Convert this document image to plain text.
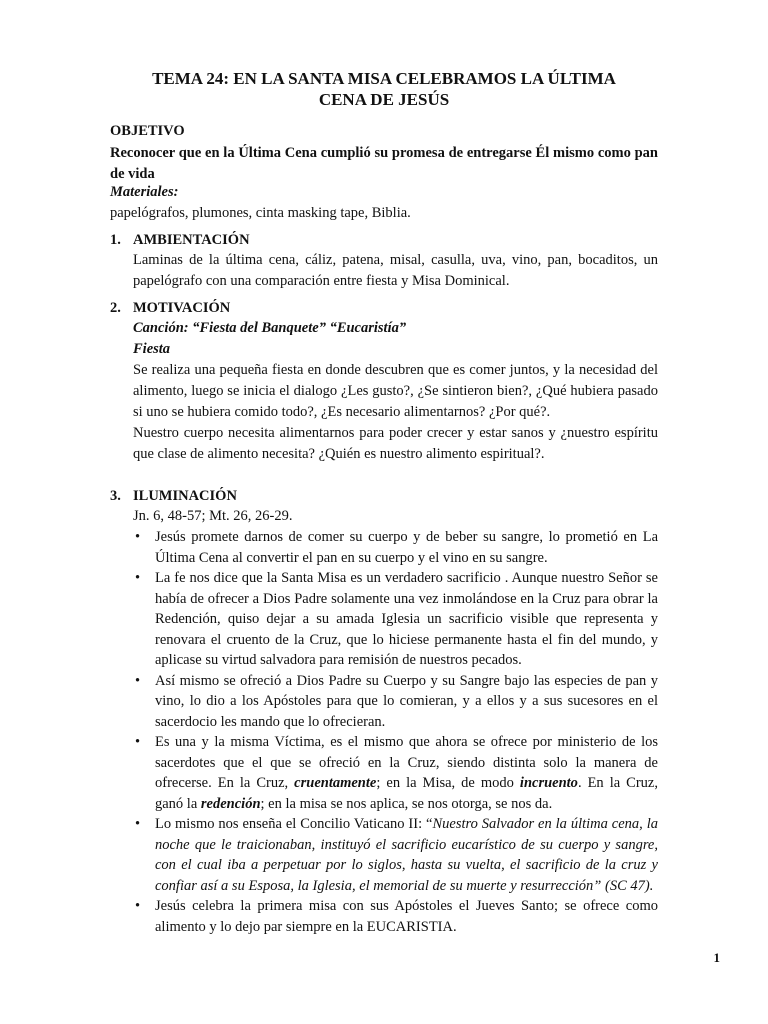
TEMA 24: EN LA SANTA MISA CELEBRAMOS LA ÚLTIMA
CENA DE JESÚS
OBJETIVO
Reconocer que en la Última Cena cumplió su promesa de entregarse Él mismo como pan de vida
Materiales:
papelógrafos, plumones, cinta masking tape, Biblia.
1. AMBIENTACIÓN
Laminas de la última cena, cáliz, patena, misal, casulla, uva, vino, pan, bocaditos, un papelógrafo con una comparación entre fiesta y Misa Dominical.
2. MOTIVACIÓN
Canción: “Fiesta del Banquete” “Eucaristía”
Fiesta
Se realiza una pequeña fiesta en donde descubren que es comer juntos, y la necesidad del alimento, luego se inicia el dialogo ¿Les gusto?, ¿Se sintieron bien?, ¿Qué hubiera pasado si uno se hubiera comido todo?, ¿Es necesario alimentarnos? ¿Por qué?.
Nuestro cuerpo necesita alimentarnos para poder crecer y estar sanos y ¿nuestro espíritu que clase de alimento necesita? ¿Quién es nuestro alimento espiritual?.
3. ILUMINACIÓN
Jn. 6, 48-57; Mt. 26, 26-29.
• Jesús promete darnos de comer su cuerpo y de beber su sangre, lo prometió en La Última Cena al convertir el pan en su cuerpo y el vino en su sangre.
• La fe nos dice que la Santa Misa es un verdadero sacrificio . Aunque nuestro Señor se había de ofrecer a Dios Padre solamente una vez inmolándose en la Cruz para obrar la Redención, quiso dejar a su amada Iglesia un sacrificio visible que representa y renovara el cruento de la Cruz, que lo hiciese permanente hasta el fin del mundo, y aplicase su virtud salvadora para remisión de nuestros pecados.
• Así mismo se ofreció a Dios Padre su Cuerpo y su Sangre bajo las especies de pan y vino, lo dio a los Apóstoles para que lo comieran, y a ellos y a sus sucesores en el sacerdocio les mando que lo ofrecieran.
• Es una y la misma Víctima, es el mismo que ahora se ofrece por ministerio de los sacerdotes que el que se ofreció en la Cruz, siendo distinta solo la manera de ofrecerse. En la Cruz, cruentamente; en la Misa, de modo incruento. En la Cruz, ganó la redención; en la misa se nos aplica, se nos otorga, se nos da.
• Lo mismo nos enseña el Concilio Vaticano II: “Nuestro Salvador en la última cena, la noche que le traicionaban, instituyó el sacrificio eucarístico de su cuerpo y sangre, con el cual iba a perpetuar por lo siglos, hasta su vuelta, el sacrificio de la cruz y confiar así a su Esposa, la Iglesia, el memorial de su muerte y resurrección” (SC 47).
• Jesús celebra la primera misa con sus Apóstoles el Jueves Santo; se ofrece como alimento y lo dejo par siempre en la EUCARISTIA.
1
